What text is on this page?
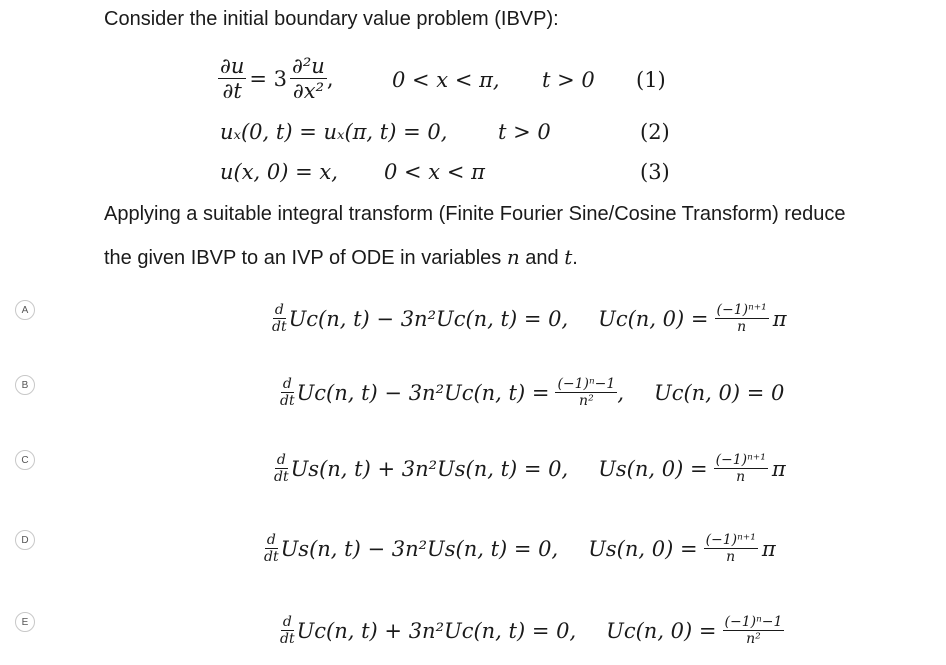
Consider the initial boundary value problem (IBVP):
$\frac{\partial u}{\partial t} = 3 \frac{\text{∂²u}}{\text{∂x²}}$ ,	0 < x < π, t > 0 (1)
uₓ(0, t) = uₓ(π, t) = 0, t > 0	(2)
u(x, 0) = x, 0 < x < π	(3)
Applying a suitable integral transform (Finite Fourier Sine/Cosine Transform) reduce
the given IBVP to an IVP of ODE in variables n and t.
A	$\frac{d}{dt} Uc(n$, t) − 3n²Uc(n, t) = 0, Uc(n, $0) = \frac{\text{(−1)ⁿ⁺¹}}{n}$ π
B	$\frac{d}{dt} Uc(n$, t) − 3n²Uc(n, $t) = \frac{\text{(−1)ⁿ−1}}{\text{n²}}$ , Uc(n, 0) = 0
C	$\frac{d}{dt} Us(n$, t) + 3n²Us(n, t) = 0, Us(n, $0) = \frac{\text{(−1)ⁿ⁺¹}}{n}$ π
D	$\frac{d}{dt} Us(n$, t) − 3n²Us(n, t) = 0, Us(n, $0) = \frac{\text{(−1)ⁿ⁺¹}}{n}$ π
E	$\frac{d}{dt} Uc(n$, t) + 3n²Uc(n, t) = 0, Uc(n, $0) = \frac{\text{(−1)ⁿ−1}}{\text{n²}}$
